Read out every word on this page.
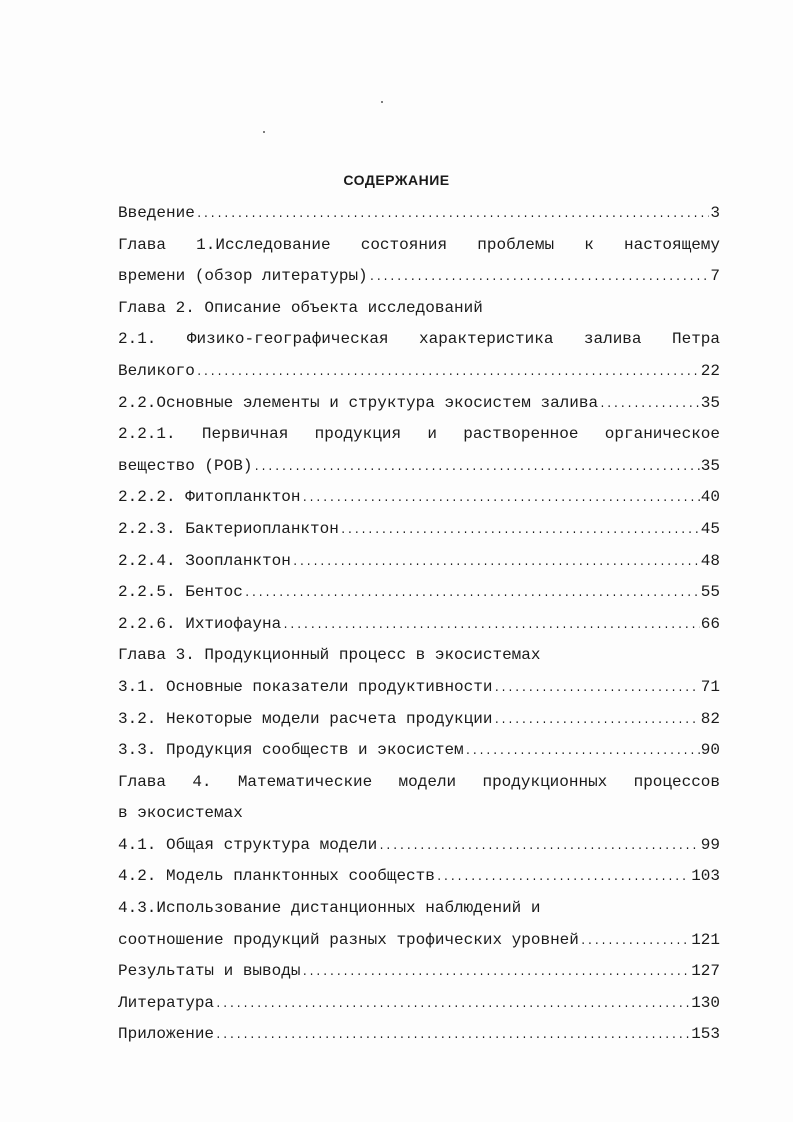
СОДЕРЖАНИЕ
Введение .....	3
Глава 1.Исследование состояния проблемы к настоящему
времени (обзор литературы) .....	7
Глава 2. Описание объекта исследований
2.1. Физико-географическая характеристика залива Петра
Великого .....	22
2.2.Основные элементы и структура экосистем залива .....	35
2.2.1. Первичная продукция и растворенное органическое
вещество (РОВ) .....	35
2.2.2. Фитопланктон .....	40
2.2.3. Бактериопланктон .....	45
2.2.4. Зоопланктон .....	48
2.2.5. Бентос .....	55
2.2.6. Ихтиофауна .....	66
Глава 3. Продукционный процесс в экосистемах
3.1. Основные показатели продуктивности .....	71
3.2. Некоторые модели расчета продукции .....	82
3.3. Продукция сообществ и экосистем .....	90
Глава 4. Математические модели продукционных процессов
в экосистемах
4.1. Общая структура модели .....	99
4.2. Модель планктонных сообществ .....	103
4.3.Использование дистанционных наблюдений и
соотношение продукций разных трофических уровней .....	121
Результаты и выводы .....	127
Литература .....	130
Приложение .....	153
